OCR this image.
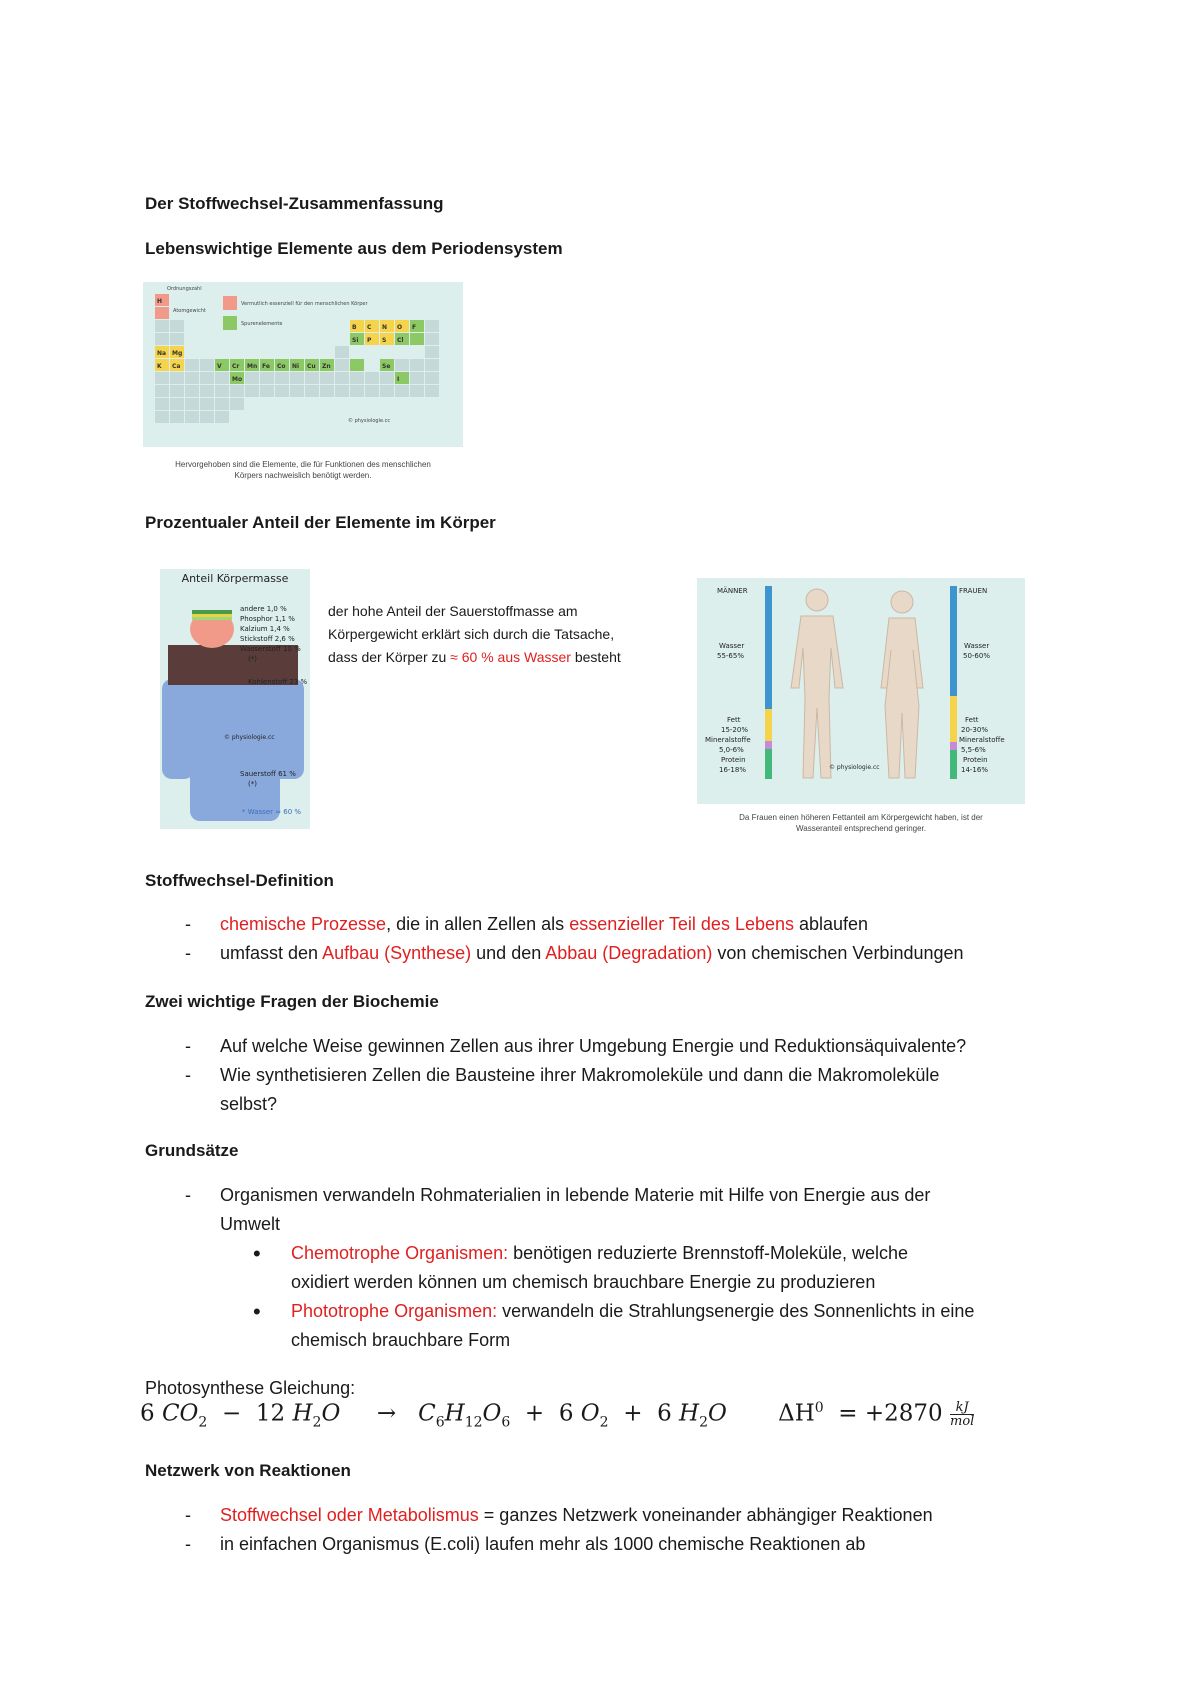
Der Stoffwechsel-Zusammenfassung
Lebenswichtige Elemente aus dem Periodensystem
H
Na Mg
K Ca
B C N O F
Si P S Cl
V Cr Mn Fe Co Ni Cu Zn	Se
Mo	I
Ordnungszahl
Atomgewicht
Vermutlich essenziell für den menschlichen Körper
Spurenelemente
© physiologie.cc
Hervorgehoben sind die Elemente, die für Funktionen des menschlichen
Körpers nachweislich benötigt werden.
Prozentualer Anteil der Elemente im Körper
Anteil Körpermasse
andere 1,0 %
Phosphor 1,1 %
Kalzium 1,4 %
Stickstoff 2,6 %
Wasserstoff 10 %
(*)
Kohlenstoff 23 %
© physiologie.cc
Sauerstoff 61 %
(*)
* Wasser ≈ 60 %
der hohe Anteil der Sauerstoffmasse am
Körpergewicht erklärt sich durch die Tatsache,
dass der Körper zu ≈ 60 % aus Wasser besteht
MÄNNER	FRAUEN
Wasser
55-65%
Wasser
50-60%
Fett
15-20%
Fett
20-30%
Mineralstoffe
5,0-6%
Mineralstoffe
5,5-6%
Protein
16-18%
Protein
14-16%
© physiologie.cc
Da Frauen einen höheren Fettanteil am Körpergewicht haben, ist der
Wasseranteil entsprechend geringer.
Stoffwechsel-Definition
- chemische Prozesse, die in allen Zellen als essenzieller Teil des Lebens ablaufen
- umfasst den Aufbau (Synthese) und den Abbau (Degradation) von chemischen Verbindungen
Zwei wichtige Fragen der Biochemie
- Auf welche Weise gewinnen Zellen aus ihrer Umgebung Energie und Reduktionsäquivalente?
- Wie synthetisieren Zellen die Bausteine ihrer Makromoleküle und dann die Makromoleküle
selbst?
Grundsätze
- Organismen verwandeln Rohmaterialien in lebende Materie mit Hilfe von Energie aus der
Umwelt
• Chemotrophe Organismen: benötigen reduzierte Brennstoff-Moleküle, welche
oxidiert werden können um chemisch brauchbare Energie zu produzieren
• Phototrophe Organismen: verwandeln die Strahlungsenergie des Sonnenlichts in eine
chemisch brauchbare Form
Photosynthese Gleichung:
6 $CO_2 - 12$ $H_2O \to C_6H_{12}O_6 + 6$ $O_2 + 6$ $H_2O$ $\Delta H^0 = +2870 \frac{kJ}{\text{mol}}$
Netzwerk von Reaktionen
- Stoffwechsel oder Metabolismus = ganzes Netzwerk voneinander abhängiger Reaktionen
- in einfachen Organismus (E.coli) laufen mehr als 1000 chemische Reaktionen ab
